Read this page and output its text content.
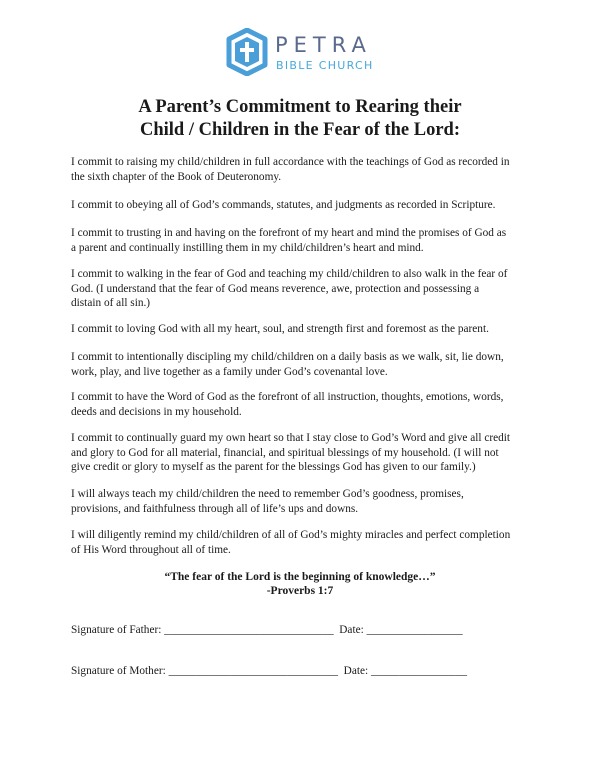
PETRA
BIBLE CHURCH
A Parent’s Commitment to Rearing their
Child / Children in the Fear of the Lord:
I commit to raising my child/children in full accordance with the teachings of God as recorded in
the sixth chapter of the Book of Deuteronomy.
I commit to obeying all of God’s commands, statutes, and judgments as recorded in Scripture.
I commit to trusting in and having on the forefront of my heart and mind the promises of God as
a parent and continually instilling them in my child/children’s heart and mind.
I commit to walking in the fear of God and teaching my child/children to also walk in the fear of
God. (I understand that the fear of God means reverence, awe, protection and possessing a
distain of all sin.)
I commit to loving God with all my heart, soul, and strength first and foremost as the parent.
I commit to intentionally discipling my child/children on a daily basis as we walk, sit, lie down,
work, play, and live together as a family under God’s covenantal love.
I commit to have the Word of God as the forefront of all instruction, thoughts, emotions, words,
deeds and decisions in my household.
I commit to continually guard my own heart so that I stay close to God’s Word and give all credit
and glory to God for all material, financial, and spiritual blessings of my household. (I will not
give credit or glory to myself as the parent for the blessings God has given to our family.)
I will always teach my child/children the need to remember God’s goodness, promises,
provisions, and faithfulness through all of life’s ups and downs.
I will diligently remind my child/children of all of God’s mighty miracles and perfect completion
of His Word throughout all of time.
“The fear of the Lord is the beginning of knowledge…”
-Proverbs 1:7
Signature of Father: ______________________________  Date: _________________
Signature of Mother: ______________________________  Date: _________________
